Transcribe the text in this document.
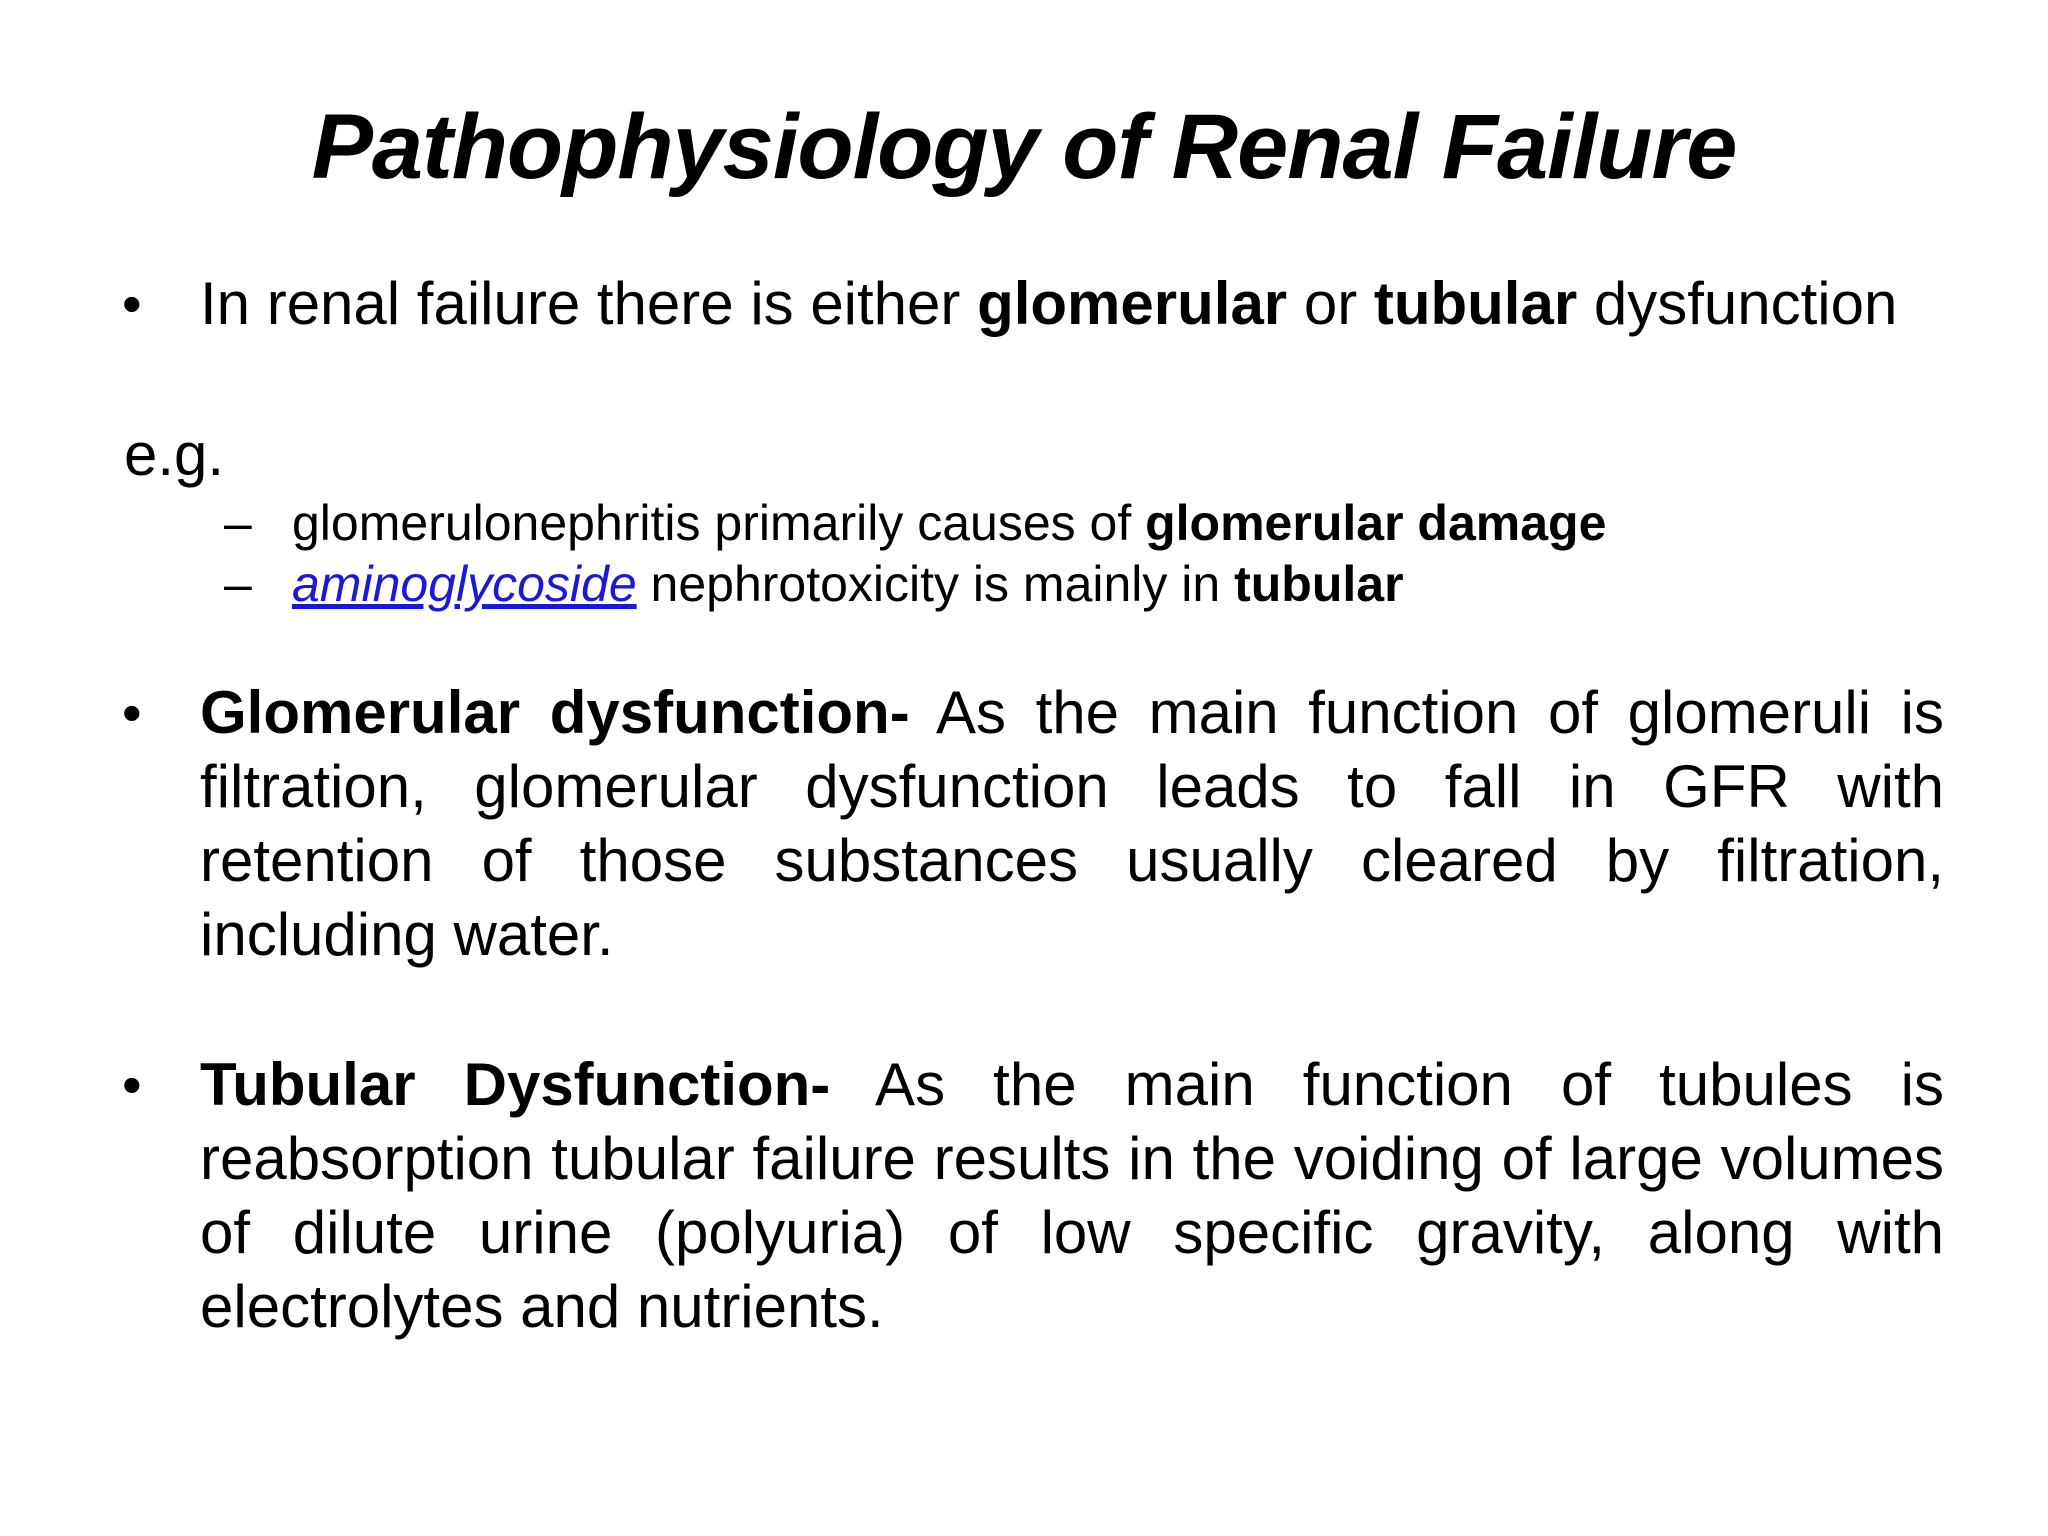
Pathophysiology of Renal Failure
• In renal failure there is either glomerular or tubular dysfunction
e.g.
– glomerulonephritis primarily causes of glomerular damage
– aminoglycoside nephrotoxicity is mainly in tubular
• Glomerular dysfunction- As the main function of glomeruli is filtration, glomerular dysfunction leads to fall in GFR with retention of those substances usually cleared by filtration, including water.
• Tubular Dysfunction- As the main function of tubules is reabsorption tubular failure results in the voiding of large volumes of dilute urine (polyuria) of low specific gravity, along with electrolytes and nutrients.
